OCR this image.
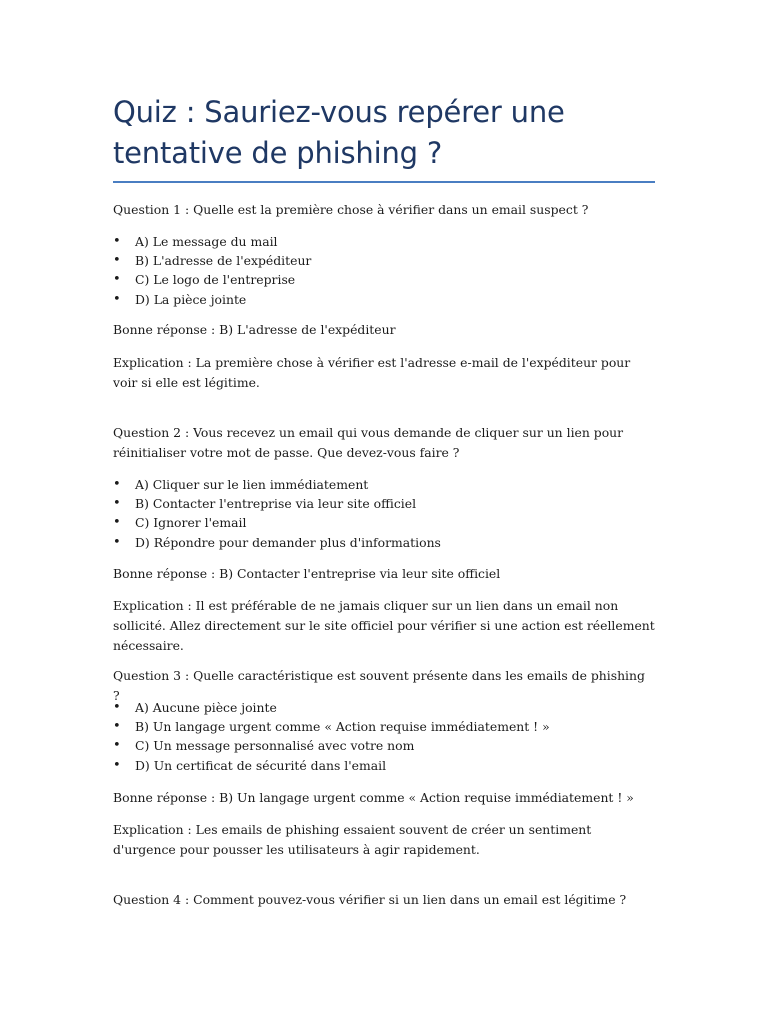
Quiz : Sauriez-vous repérer une
tentative de phishing ?

Question 1 : Quelle est la première chose à vérifier dans un email suspect ?

• A) Le message du mail
• B) L'adresse de l'expéditeur
• C) Le logo de l'entreprise
• D) La pièce jointe

Bonne réponse : B) L'adresse de l'expéditeur

Explication : La première chose à vérifier est l'adresse e-mail de l'expéditeur pour voir si elle est légitime.

Question 2 : Vous recevez un email qui vous demande de cliquer sur un lien pour réinitialiser votre mot de passe. Que devez-vous faire ?

• A) Cliquer sur le lien immédiatement
• B) Contacter l'entreprise via leur site officiel
• C) Ignorer l'email
• D) Répondre pour demander plus d'informations

Bonne réponse : B) Contacter l'entreprise via leur site officiel

Explication : Il est préférable de ne jamais cliquer sur un lien dans un email non sollicité. Allez directement sur le site officiel pour vérifier si une action est réellement nécessaire.

Question 3 : Quelle caractéristique est souvent présente dans les emails de phishing ?

• A) Aucune pièce jointe
• B) Un langage urgent comme « Action requise immédiatement ! »
• C) Un message personnalisé avec votre nom
• D) Un certificat de sécurité dans l'email

Bonne réponse : B) Un langage urgent comme « Action requise immédiatement ! »

Explication : Les emails de phishing essaient souvent de créer un sentiment d'urgence pour pousser les utilisateurs à agir rapidement.

Question 4 : Comment pouvez-vous vérifier si un lien dans un email est légitime ?
